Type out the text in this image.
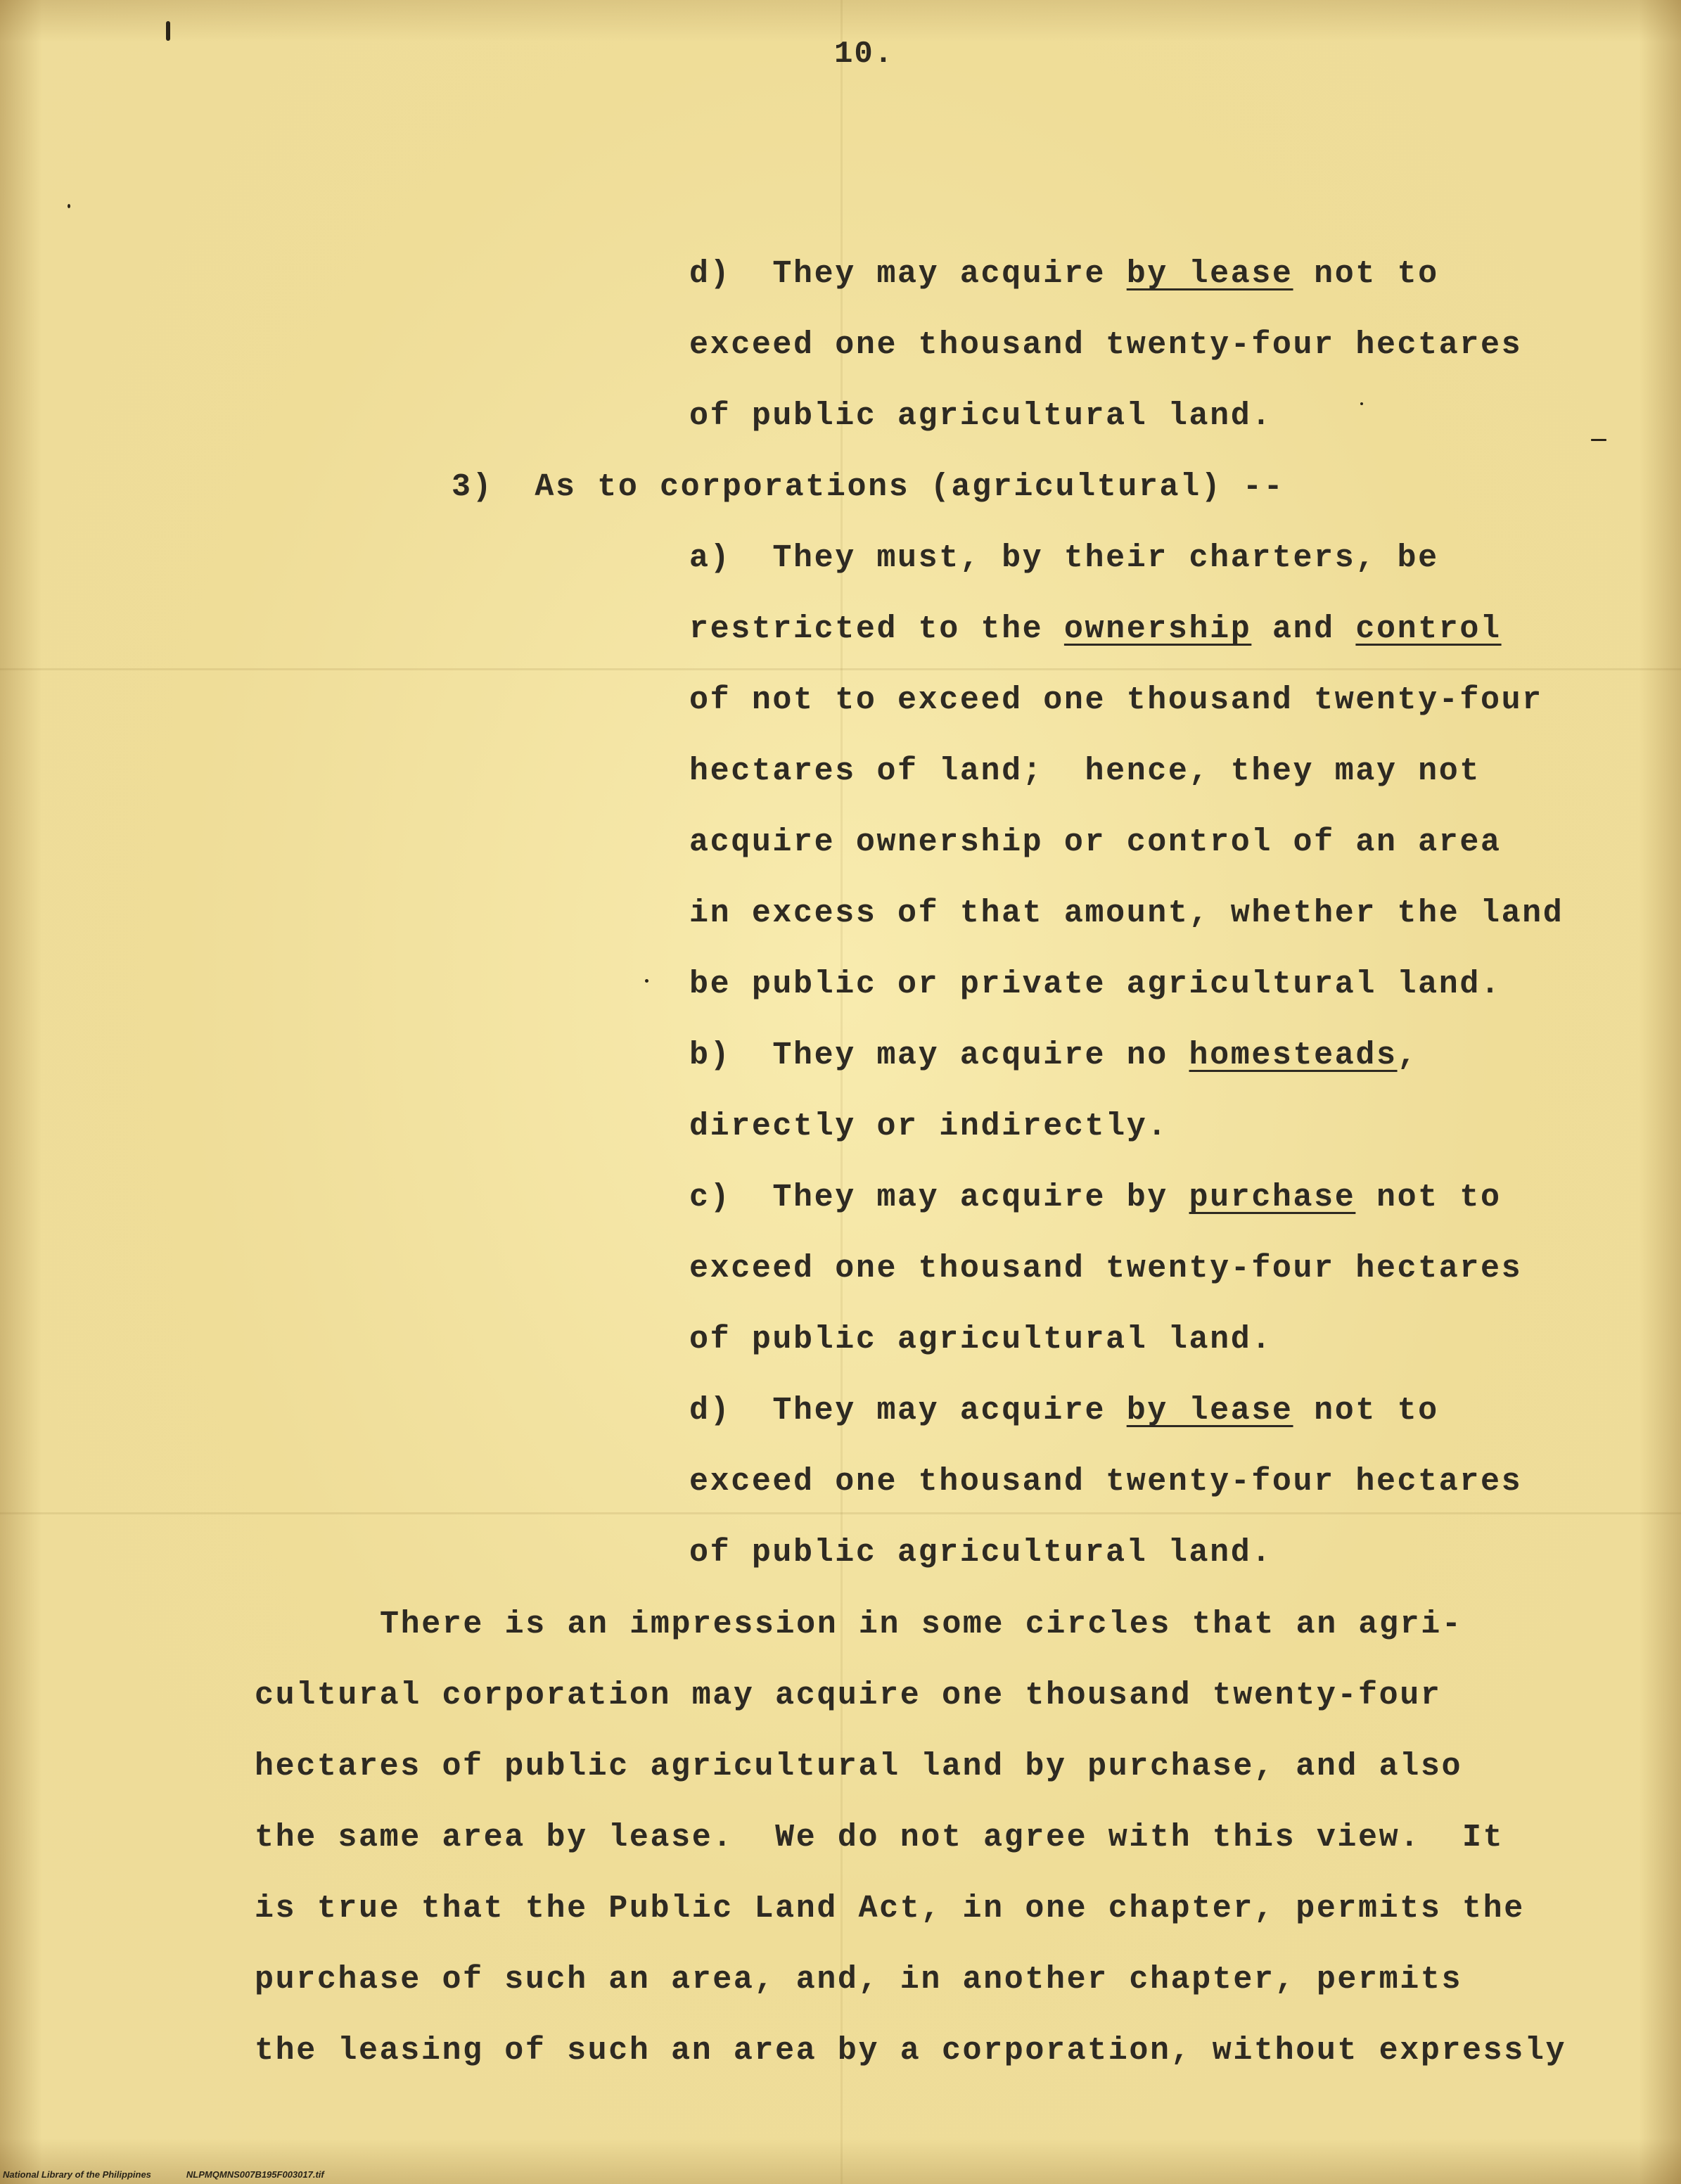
10.
d)  They may acquire by lease not to
exceed one thousand twenty-four hectares
of public agricultural land.
3)  As to corporations (agricultural) --
a)  They must, by their charters, be
restricted to the ownership and control
of not to exceed one thousand twenty-four
hectares of land;  hence, they may not
acquire ownership or control of an area
in excess of that amount, whether the land
be public or private agricultural land.
b)  They may acquire no homesteads,
directly or indirectly.
c)  They may acquire by purchase not to
exceed one thousand twenty-four hectares
of public agricultural land.
d)  They may acquire by lease not to
exceed one thousand twenty-four hectares
of public agricultural land.
There is an impression in some circles that an agri-
cultural corporation may acquire one thousand twenty-four
hectares of public agricultural land by purchase, and also
the same area by lease.  We do not agree with this view.  It
is true that the Public Land Act, in one chapter, permits the
purchase of such an area, and, in another chapter, permits
the leasing of such an area by a corporation, without expressly
National Library of the Philippines	NLPMQMNS007B195F003017.tif
